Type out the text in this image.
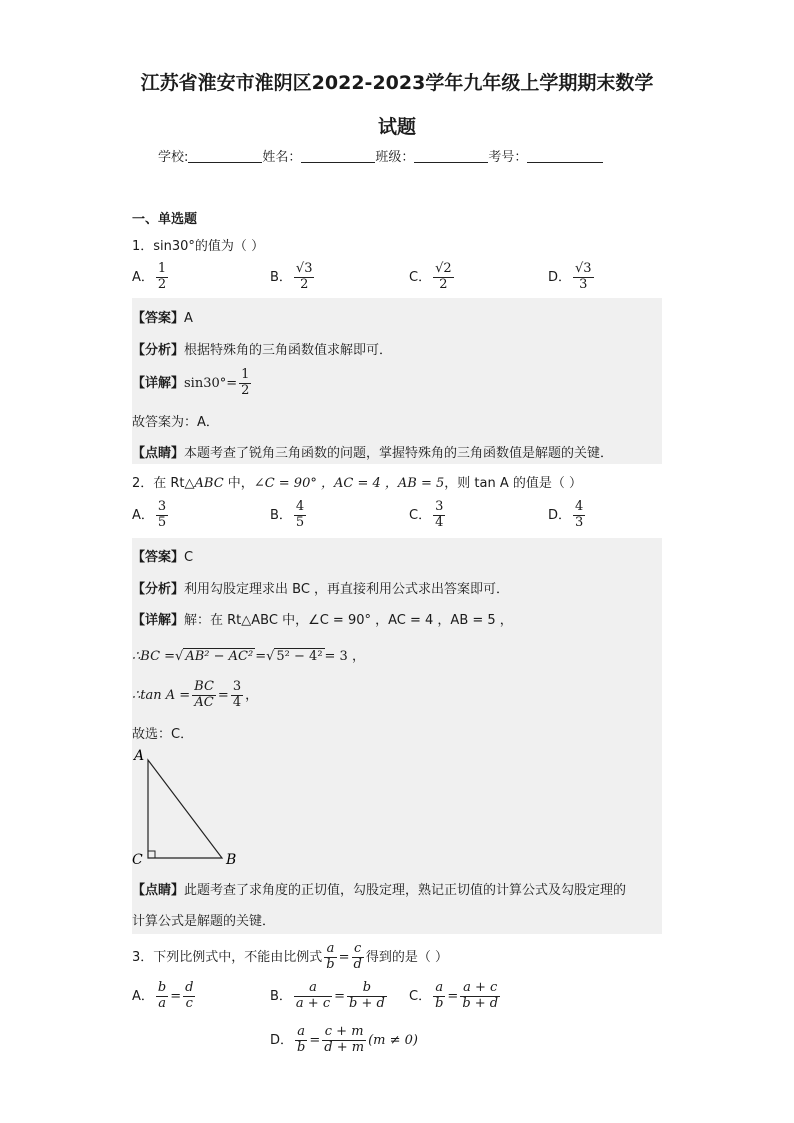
江苏省淮安市淮阴区2022-2023学年九年级上学期期末数学
试题
学校:	姓名：	班级：	考号：
一、单选题
1．sin30°的值为（ ）
A． $\frac{1}{2}$	B． $\frac{√3}{2}$	C． $\frac{√2}{2}$	D． $\frac{√3}{3}$
【答案】A
【分析】根据特殊角的三角函数值求解即可．
【详解】$\sin 30^\circ= \frac{1}{2}$
故答案为：A．
【点睛】本题考查了锐角三角函数的问题，掌握特殊角的三角函数值是解题的关键．
2．在 Rt△ABC 中，∠C = 90° ，AC = 4 ，AB = 5，则 tan A 的值是（ ）
A． $\frac{3}{5}$	B． $\frac{4}{5}$	C． $\frac{3}{4}$	D． $\frac{4}{3}$
【答案】C
【分析】利用勾股定理求出 BC ，再直接利用公式求出答案即可．
【详解】解：在 Rt△ABC 中，∠C = 90° ，AC = 4 ，AB = 5 ，
∴BC =√ AB² − AC² =√ 5² − 4² = 3 ，
∴tan $A = \frac{BC}{AC} = \frac{3}{4}$ ，
故选：C．
A
C	B
【点睛】此题考查了求角度的正切值，勾股定理，熟记正切值的计算公式及勾股定理的
计算公式是解题的关键．
3．下列比例式中，不能由比例式 $\frac{a}{b} = \frac{c}{d}$ 得到的是（ ）
A． $\frac{b}{a} = \frac{d}{c}$	B． $\frac{a}{a + c} = \frac{b}{b + d}$ C． $\frac{a}{b} = \frac{a + c}{b + d}$
D． $\frac{a}{b} = \frac{c + m}{d + m} (m \ne 0)$
